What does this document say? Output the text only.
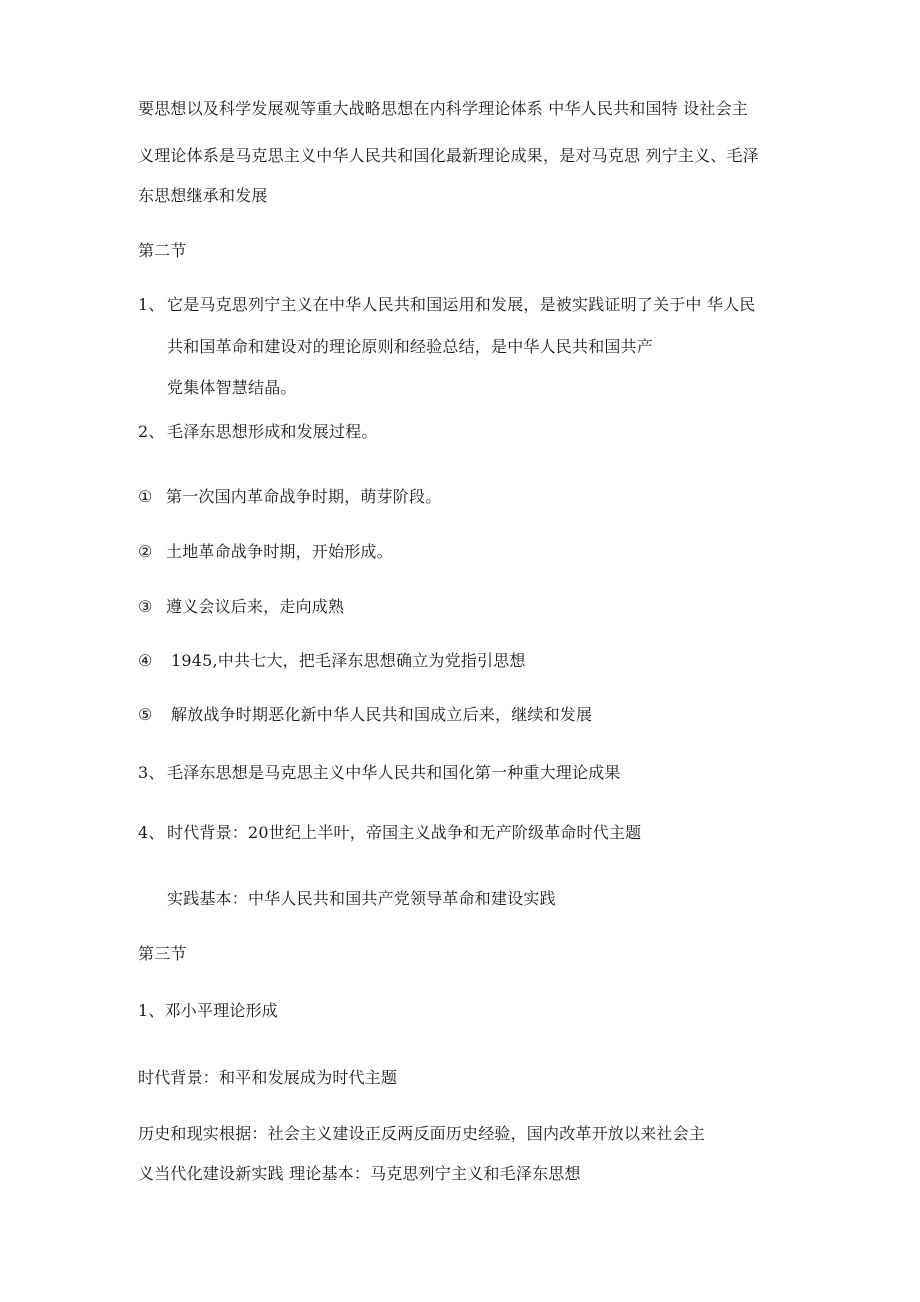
要思想以及科学发展观等重大战略思想在内科学理论体系 中华人民共和国特 设社会主
义理论体系是马克思主义中华人民共和国化最新理论成果，是对马克思 列宁主义、毛泽
东思想继承和发展
第二节
1、 它是马克思列宁主义在中华人民共和国运用和发展，是被实践证明了关于中 华人民
共和国革命和建设对的理论原则和经验总结，是中华人民共和国共产
党集体智慧结晶。
2、 毛泽东思想形成和发展过程。
① 第一次国内革命战争时期，萌芽阶段。
② 土地革命战争时期，开始形成。
③ 遵义会议后来，走向成熟
④ 1945,中共七大，把毛泽东思想确立为党指引思想
⑤ 解放战争时期恶化新中华人民共和国成立后来，继续和发展
3、 毛泽东思想是马克思主义中华人民共和国化第一种重大理论成果
4、 时代背景：20世纪上半叶，帝国主义战争和无产阶级革命时代主题
实践基本：中华人民共和国共产党领导革命和建设实践
第三节
1、邓小平理论形成
时代背景：和平和发展成为时代主题
历史和现实根据：社会主义建设正反两反面历史经验，国内改革开放以来社会主
义当代化建设新实践 理论基本：马克思列宁主义和毛泽东思想
